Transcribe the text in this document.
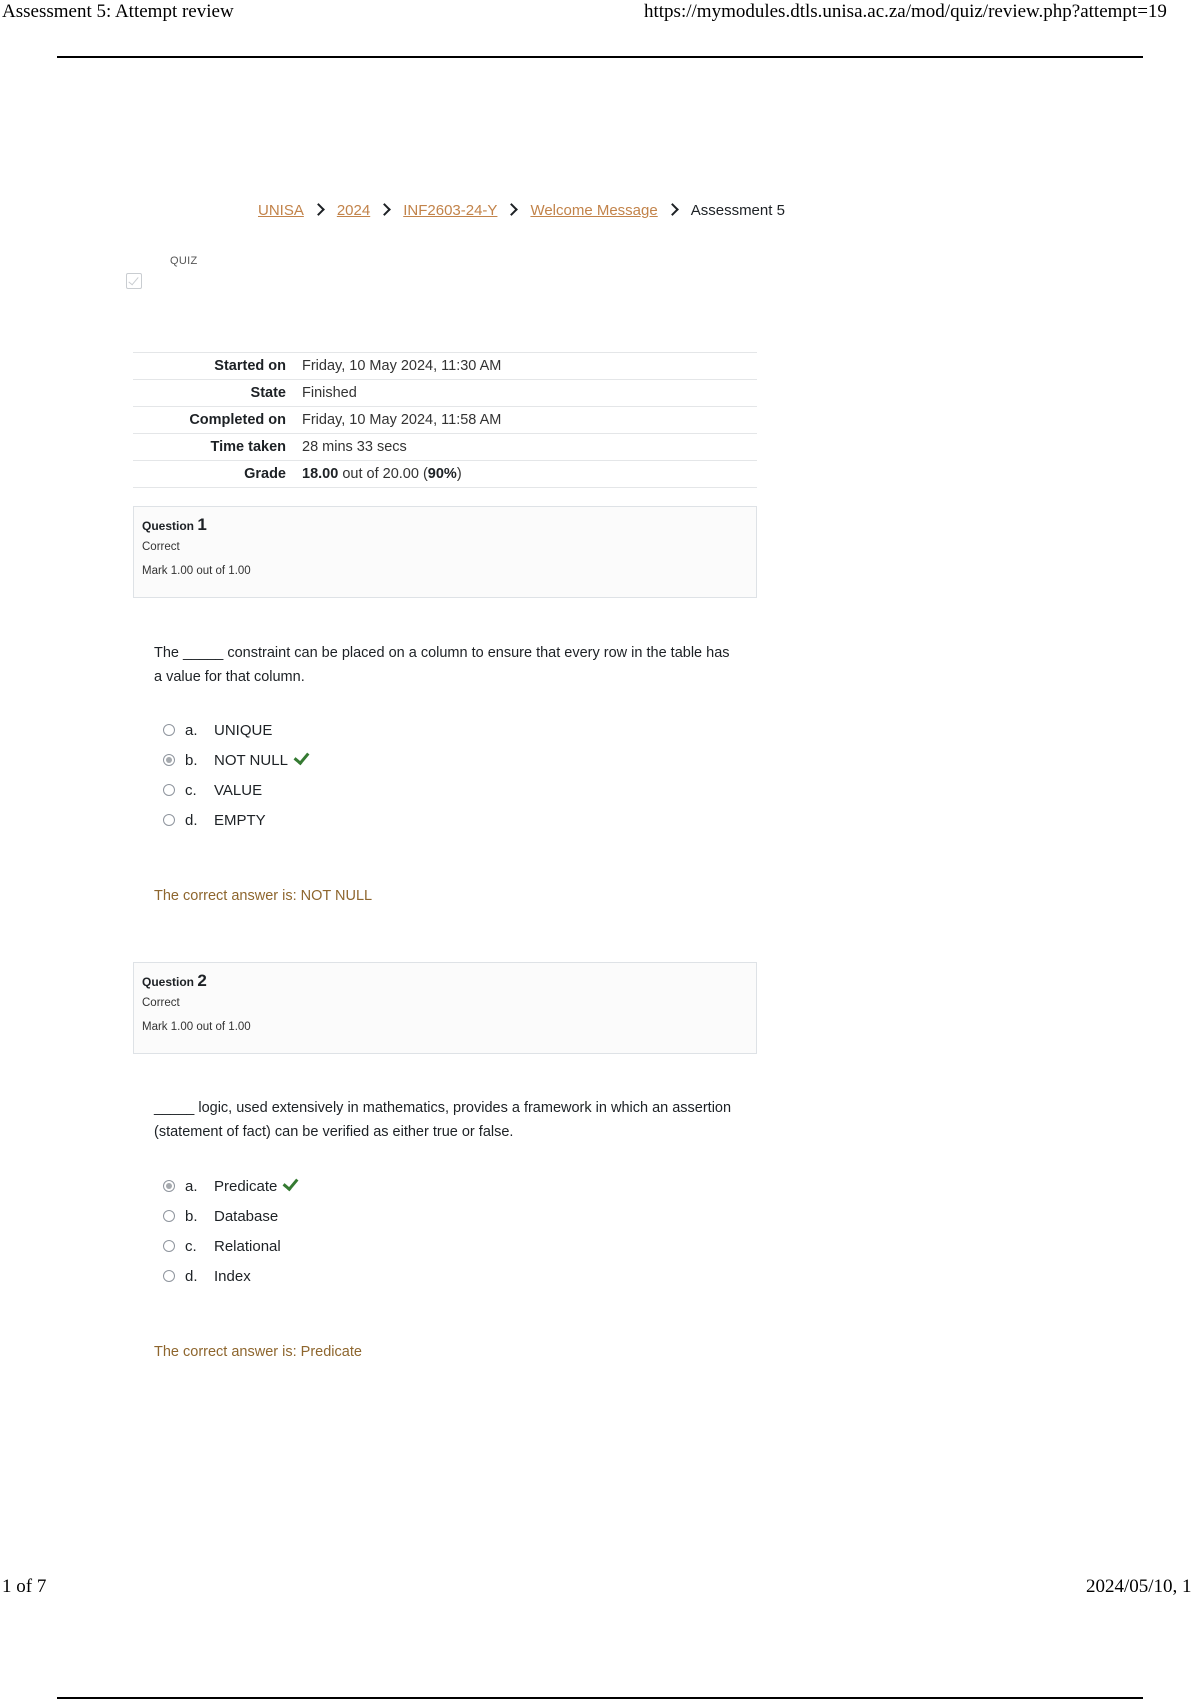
Assessment 5: Attempt review	https://mymodules.dtls.unisa.ac.za/mod/quiz/review.php?attempt=19
UNISA 2024 INF2603-24-Y Welcome Message Assessment 5
QUIZ
Started on	Friday, 10 May 2024, 11:30 AM
State	Finished
Completed on	Friday, 10 May 2024, 11:58 AM
Time taken	28 mins 33 secs
Grade	18.00 out of 20.00 (90%)
Question 1
Correct
Mark 1.00 out of 1.00
The _____ constraint can be placed on a column to ensure that every row in the table has a value for that column.
a.	UNIQUE
b.	NOT NULL
c.	VALUE
d.	EMPTY
The correct answer is: NOT NULL
Question 2
Correct
Mark 1.00 out of 1.00
_____ logic, used extensively in mathematics, provides a framework in which an assertion (statement of fact) can be verified as either true or false.
a.	Predicate
b.	Database
c.	Relational
d.	Index
The correct answer is: Predicate
1 of 7	2024/05/10, 1
